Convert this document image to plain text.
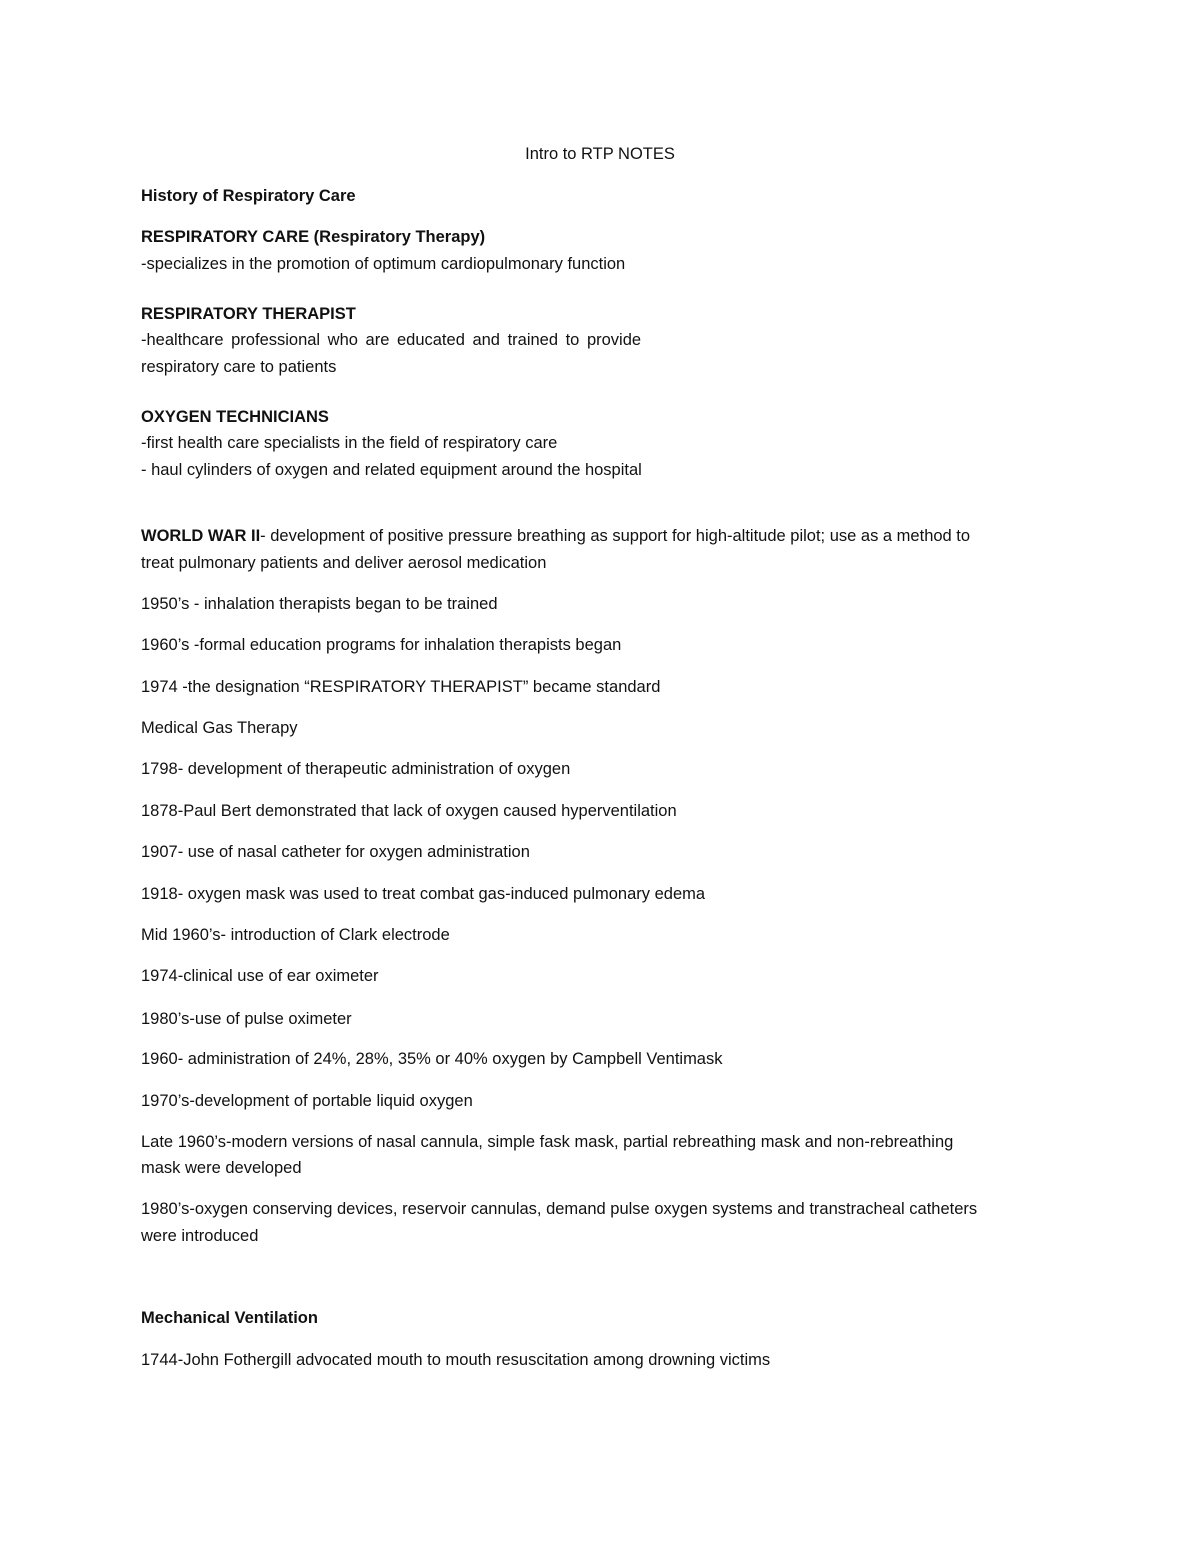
Intro to RTP NOTES
History of Respiratory Care
RESPIRATORY CARE (Respiratory Therapy)
-specializes in the promotion of optimum cardiopulmonary function
RESPIRATORY THERAPIST
-healthcare professional who are educated and trained to provide
respiratory care to patients
OXYGEN TECHNICIANS
-first health care specialists in the field of respiratory care
- haul cylinders of oxygen and related equipment around the hospital
WORLD WAR II- development of positive pressure breathing as support for high-altitude pilot; use as a method to
treat pulmonary patients and deliver aerosol medication
1950’s - inhalation therapists began to be trained
1960’s -formal education programs for inhalation therapists began
1974 -the designation “RESPIRATORY THERAPIST” became standard
Medical Gas Therapy
1798- development of therapeutic administration of oxygen
1878-Paul Bert demonstrated that lack of oxygen caused hyperventilation
1907- use of nasal catheter for oxygen administration
1918- oxygen mask was used to treat combat gas-induced pulmonary edema
Mid 1960’s- introduction of Clark electrode
1974-clinical use of ear oximeter
1980’s-use of pulse oximeter
1960- administration of 24%, 28%, 35% or 40% oxygen by Campbell Ventimask
1970’s-development of portable liquid oxygen
Late 1960’s-modern versions of nasal cannula, simple fask mask, partial rebreathing mask and non-rebreathing
mask were developed
1980’s-oxygen conserving devices, reservoir cannulas, demand pulse oxygen systems and transtracheal catheters
were introduced
Mechanical Ventilation
1744-John Fothergill advocated mouth to mouth resuscitation among drowning victims
